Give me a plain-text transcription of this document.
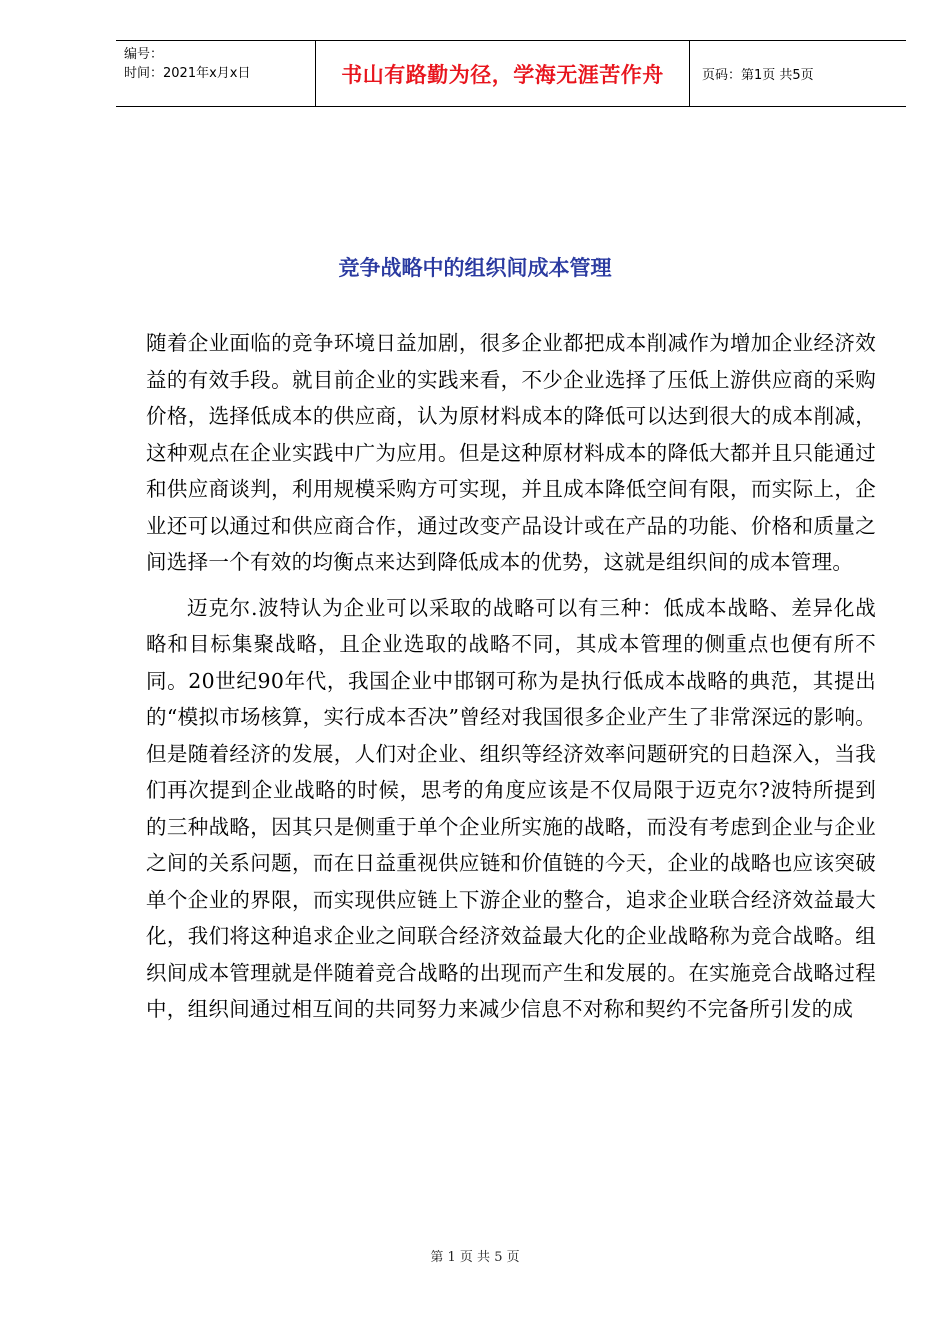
编号：
时间：2021年x月x日	书山有路勤为径，学海无涯苦作舟	页码：第1页 共5页
竞争战略中的组织间成本管理

随着企业面临的竞争环境日益加剧，很多企业都把成本削减作为增加企业经济效益的有效手段。就目前企业的实践来看，不少企业选择了压低上游供应商的采购价格，选择低成本的供应商，认为原材料成本的降低可以达到很大的成本削减，这种观点在企业实践中广为应用。但是这种原材料成本的降低大都并且只能通过和供应商谈判，利用规模采购方可实现，并且成本降低空间有限，而实际上，企业还可以通过和供应商合作，通过改变产品设计或在产品的功能、价格和质量之间选择一个有效的均衡点来达到降低成本的优势，这就是组织间的成本管理。

迈克尔.波特认为企业可以采取的战略可以有三种：低成本战略、差异化战略和目标集聚战略，且企业选取的战略不同，其成本管理的侧重点也便有所不同。20世纪90年代，我国企业中邯钢可称为是执行低成本战略的典范，其提出的“模拟市场核算，实行成本否决”曾经对我国很多企业产生了非常深远的影响。但是随着经济的发展，人们对企业、组织等经济效率问题研究的日趋深入，当我们再次提到企业战略的时候，思考的角度应该是不仅局限于迈克尔?波特所提到的三种战略，因其只是侧重于单个企业所实施的战略，而没有考虑到企业与企业之间的关系问题，而在日益重视供应链和价值链的今天，企业的战略也应该突破单个企业的界限，而实现供应链上下游企业的整合，追求企业联合经济效益最大化，我们将这种追求企业之间联合经济效益最大化的企业战略称为竞合战略。组织间成本管理就是伴随着竞合战略的出现而产生和发展的。在实施竞合战略过程中，组织间通过相互间的共同努力来减少信息不对称和契约不完备所引发的成

第 1 页 共 5 页
